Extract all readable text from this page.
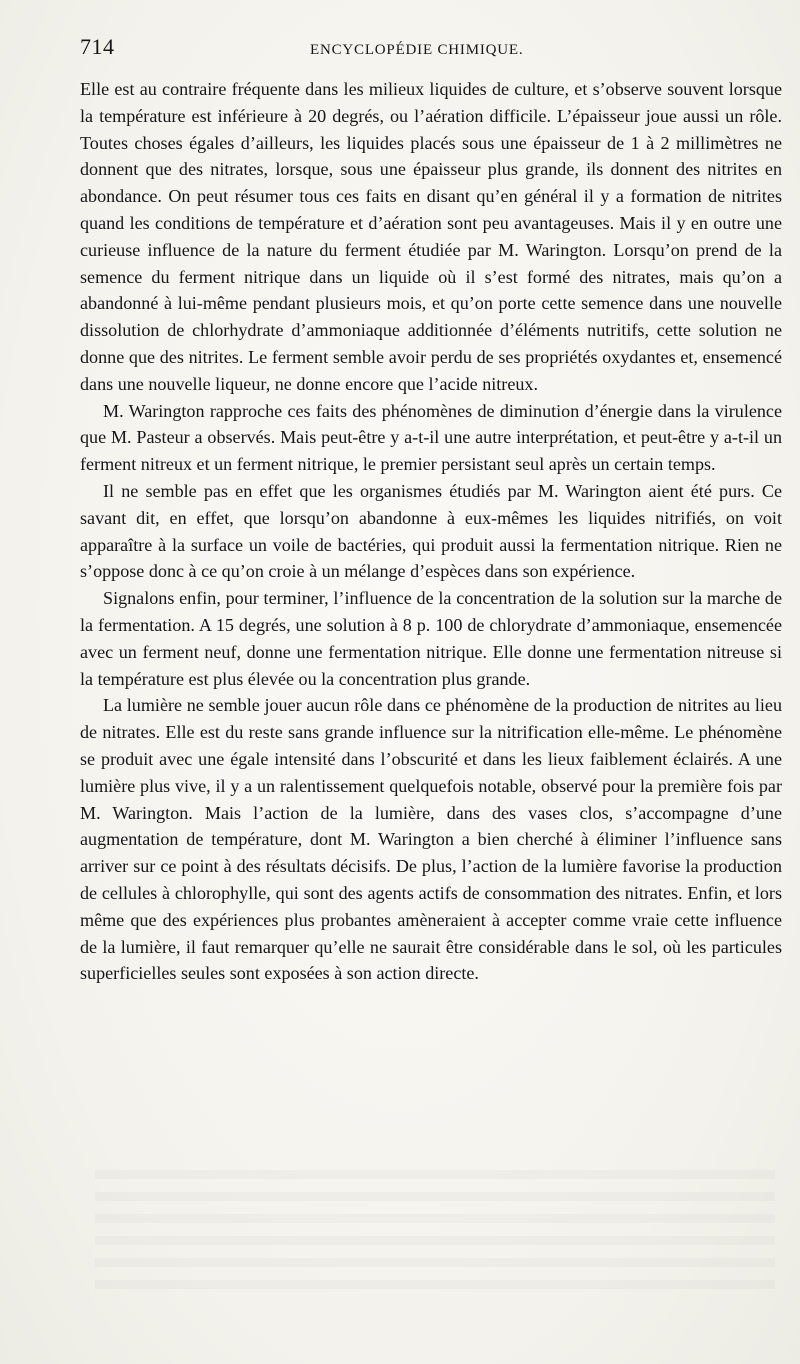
714	ENCYCLOPÉDIE CHIMIQUE.

Elle est au contraire fréquente dans les milieux liquides de culture, et s’observe souvent lorsque la température est inférieure à 20 degrés, ou l’aération difficile. L’épaisseur joue aussi un rôle. Toutes choses égales d’ailleurs, les liquides placés sous une épaisseur de 1 à 2 millimètres ne donnent que des nitrates, lorsque, sous une épaisseur plus grande, ils donnent des nitrites en abondance. On peut résumer tous ces faits en disant qu’en général il y a formation de nitrites quand les conditions de température et d’aération sont peu avantageuses. Mais il y en outre une curieuse influence de la nature du ferment étudiée par M. Warington. Lorsqu’on prend de la semence du ferment nitrique dans un liquide où il s’est formé des nitrates, mais qu’on a abandonné à lui-même pendant plusieurs mois, et qu’on porte cette semence dans une nouvelle dissolution de chlorhydrate d’ammoniaque additionnée d’éléments nutritifs, cette solution ne donne que des nitrites. Le ferment semble avoir perdu de ses propriétés oxydantes et, ensemencé dans une nouvelle liqueur, ne donne encore que l’acide nitreux.

M. Warington rapproche ces faits des phénomènes de diminution d’énergie dans la virulence que M. Pasteur a observés. Mais peut-être y a-t-il une autre interprétation, et peut-être y a-t-il un ferment nitreux et un ferment nitrique, le premier persistant seul après un certain temps.

Il ne semble pas en effet que les organismes étudiés par M. Warington aient été purs. Ce savant dit, en effet, que lorsqu’on abandonne à eux-mêmes les liquides nitrifiés, on voit apparaître à la surface un voile de bactéries, qui produit aussi la fermentation nitrique. Rien ne s’oppose donc à ce qu’on croie à un mélange d’espèces dans son expérience.

Signalons enfin, pour terminer, l’influence de la concentration de la solution sur la marche de la fermentation. A 15 degrés, une solution à 8 p. 100 de chlorydrate d’ammoniaque, ensemencée avec un ferment neuf, donne une fermentation nitrique. Elle donne une fermentation nitreuse si la température est plus élevée ou la concentration plus grande.

La lumière ne semble jouer aucun rôle dans ce phénomène de la production de nitrites au lieu de nitrates. Elle est du reste sans grande influence sur la nitrification elle-même. Le phénomène se produit avec une égale intensité dans l’obscurité et dans les lieux faiblement éclairés. A une lumière plus vive, il y a un ralentissement quelquefois notable, observé pour la première fois par M. Warington. Mais l’action de la lumière, dans des vases clos, s’accompagne d’une augmentation de température, dont M. Warington a bien cherché à éliminer l’influence sans arriver sur ce point à des résultats décisifs. De plus, l’action de la lumière favorise la production de cellules à chlorophylle, qui sont des agents actifs de consommation des nitrates. Enfin, et lors même que des expériences plus probantes amèneraient à accepter comme vraie cette influence de la lumière, il faut remarquer qu’elle ne saurait être considérable dans le sol, où les particules superficielles seules sont exposées à son action directe.
